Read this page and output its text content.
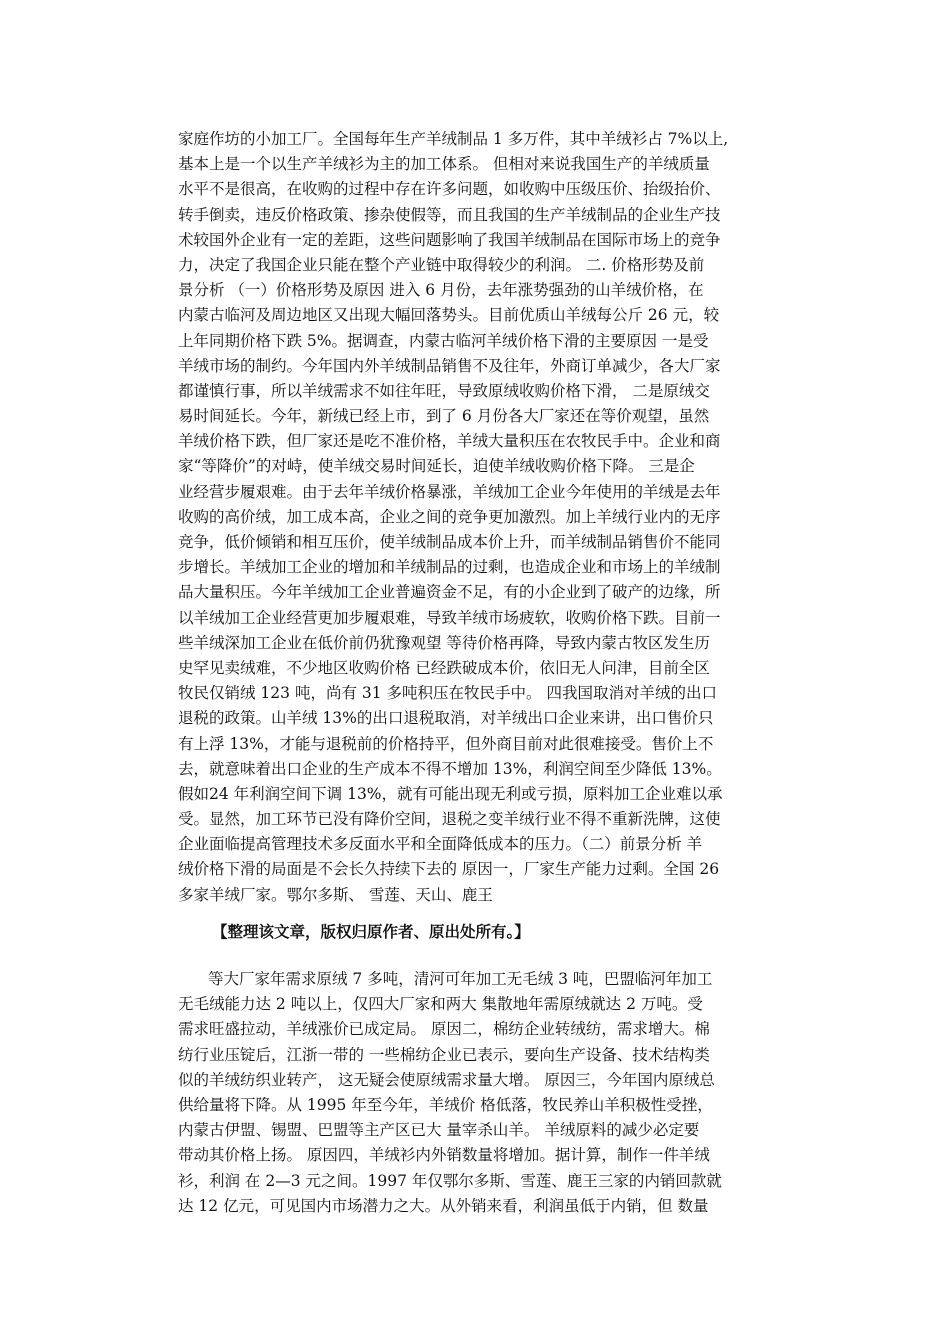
家庭作坊的小加工厂。全国每年生产羊绒制品 1 多万件，其中羊绒衫占 7%以上,
基本上是一个以生产羊绒衫为主的加工体系。 但相对来说我国生产的羊绒质量
水平不是很高，在收购的过程中存在许多问题，如收购中压级压价、抬级抬价、
转手倒卖，违反价格政策、掺杂使假等，而且我国的生产羊绒制品的企业生产技
术较国外企业有一定的差距，这些问题影响了我国羊绒制品在国际市场上的竞争
力，决定了我国企业只能在整个产业链中取得较少的利润。 二. 价格形势及前
景分析 （一）价格形势及原因 进入 6 月份，去年涨势强劲的山羊绒价格，在
内蒙古临河及周边地区又出现大幅回落势头。目前优质山羊绒每公斤 26 元，较
上年同期价格下跌 5%。据调查，内蒙古临河羊绒价格下滑的主要原因 一是受
羊绒市场的制约。今年国内外羊绒制品销售不及往年，外商订单减少，各大厂家
都谨慎行事，所以羊绒需求不如往年旺，导致原绒收购价格下滑， 二是原绒交
易时间延长。今年，新绒已经上市，到了 6 月份各大厂家还在等价观望，虽然
羊绒价格下跌，但厂家还是吃不准价格，羊绒大量积压在农牧民手中。企业和商
家“等降价”的对峙，使羊绒交易时间延长，迫使羊绒收购价格下降。 三是企
业经营步履艰难。由于去年羊绒价格暴涨，羊绒加工企业今年使用的羊绒是去年
收购的高价绒，加工成本高，企业之间的竞争更加激烈。加上羊绒行业内的无序
竞争，低价倾销和相互压价，使羊绒制品成本价上升，而羊绒制品销售价不能同
步增长。羊绒加工企业的增加和羊绒制品的过剩，也造成企业和市场上的羊绒制
品大量积压。今年羊绒加工企业普遍资金不足，有的小企业到了破产的边缘，所
以羊绒加工企业经营更加步履艰难，导致羊绒市场疲软，收购价格下跌。目前一
些羊绒深加工企业在低价前仍犹豫观望 等待价格再降，导致内蒙古牧区发生历
史罕见卖绒难，不少地区收购价格 已经跌破成本价，依旧无人问津，目前全区
牧民仅销绒 123 吨，尚有 31 多吨积压在牧民手中。 四我国取消对羊绒的出口
退税的政策。山羊绒 13%的出口退税取消，对羊绒出口企业来讲，出口售价只
有上浮 13%，才能与退税前的价格持平，但外商目前对此很难接受。售价上不
去，就意味着出口企业的生产成本不得不增加 13%，利润空间至少降低 13%。
假如24 年利润空间下调 13%，就有可能出现无利或亏损，原料加工企业难以承
受。显然，加工环节已没有降价空间，退税之变羊绒行业不得不重新洗牌，这使
企业面临提高管理技术多反面水平和全面降低成本的压力。（二）前景分析 羊
绒价格下滑的局面是不会长久持续下去的 原因一，厂家生产能力过剩。全国 26
多家羊绒厂家。鄂尔多斯、 雪莲、天山、鹿王
【整理该文章，版权归原作者、原出处所有。】
等大厂家年需求原绒 7 多吨，清河可年加工无毛绒 3 吨，巴盟临河年加工
无毛绒能力达 2 吨以上，仅四大厂家和两大 集散地年需原绒就达 2 万吨。受
需求旺盛拉动，羊绒涨价已成定局。 原因二，棉纺企业转绒纺，需求增大。棉
纺行业压锭后，江浙一带的 一些棉纺企业已表示，要向生产设备、技术结构类
似的羊绒纺织业转产， 这无疑会使原绒需求量大增。 原因三，今年国内原绒总
供给量将下降。从 1995 年至今年，羊绒价 格低落，牧民养山羊积极性受挫，
内蒙古伊盟、锡盟、巴盟等主产区已大 量宰杀山羊。 羊绒原料的减少必定要
带动其价格上扬。 原因四，羊绒衫内外销数量将增加。据计算，制作一件羊绒
衫，利润 在 2—3 元之间。1997 年仅鄂尔多斯、雪莲、鹿王三家的内销回款就
达 12 亿元，可见国内市场潜力之大。从外销来看，利润虽低于内销，但 数量
